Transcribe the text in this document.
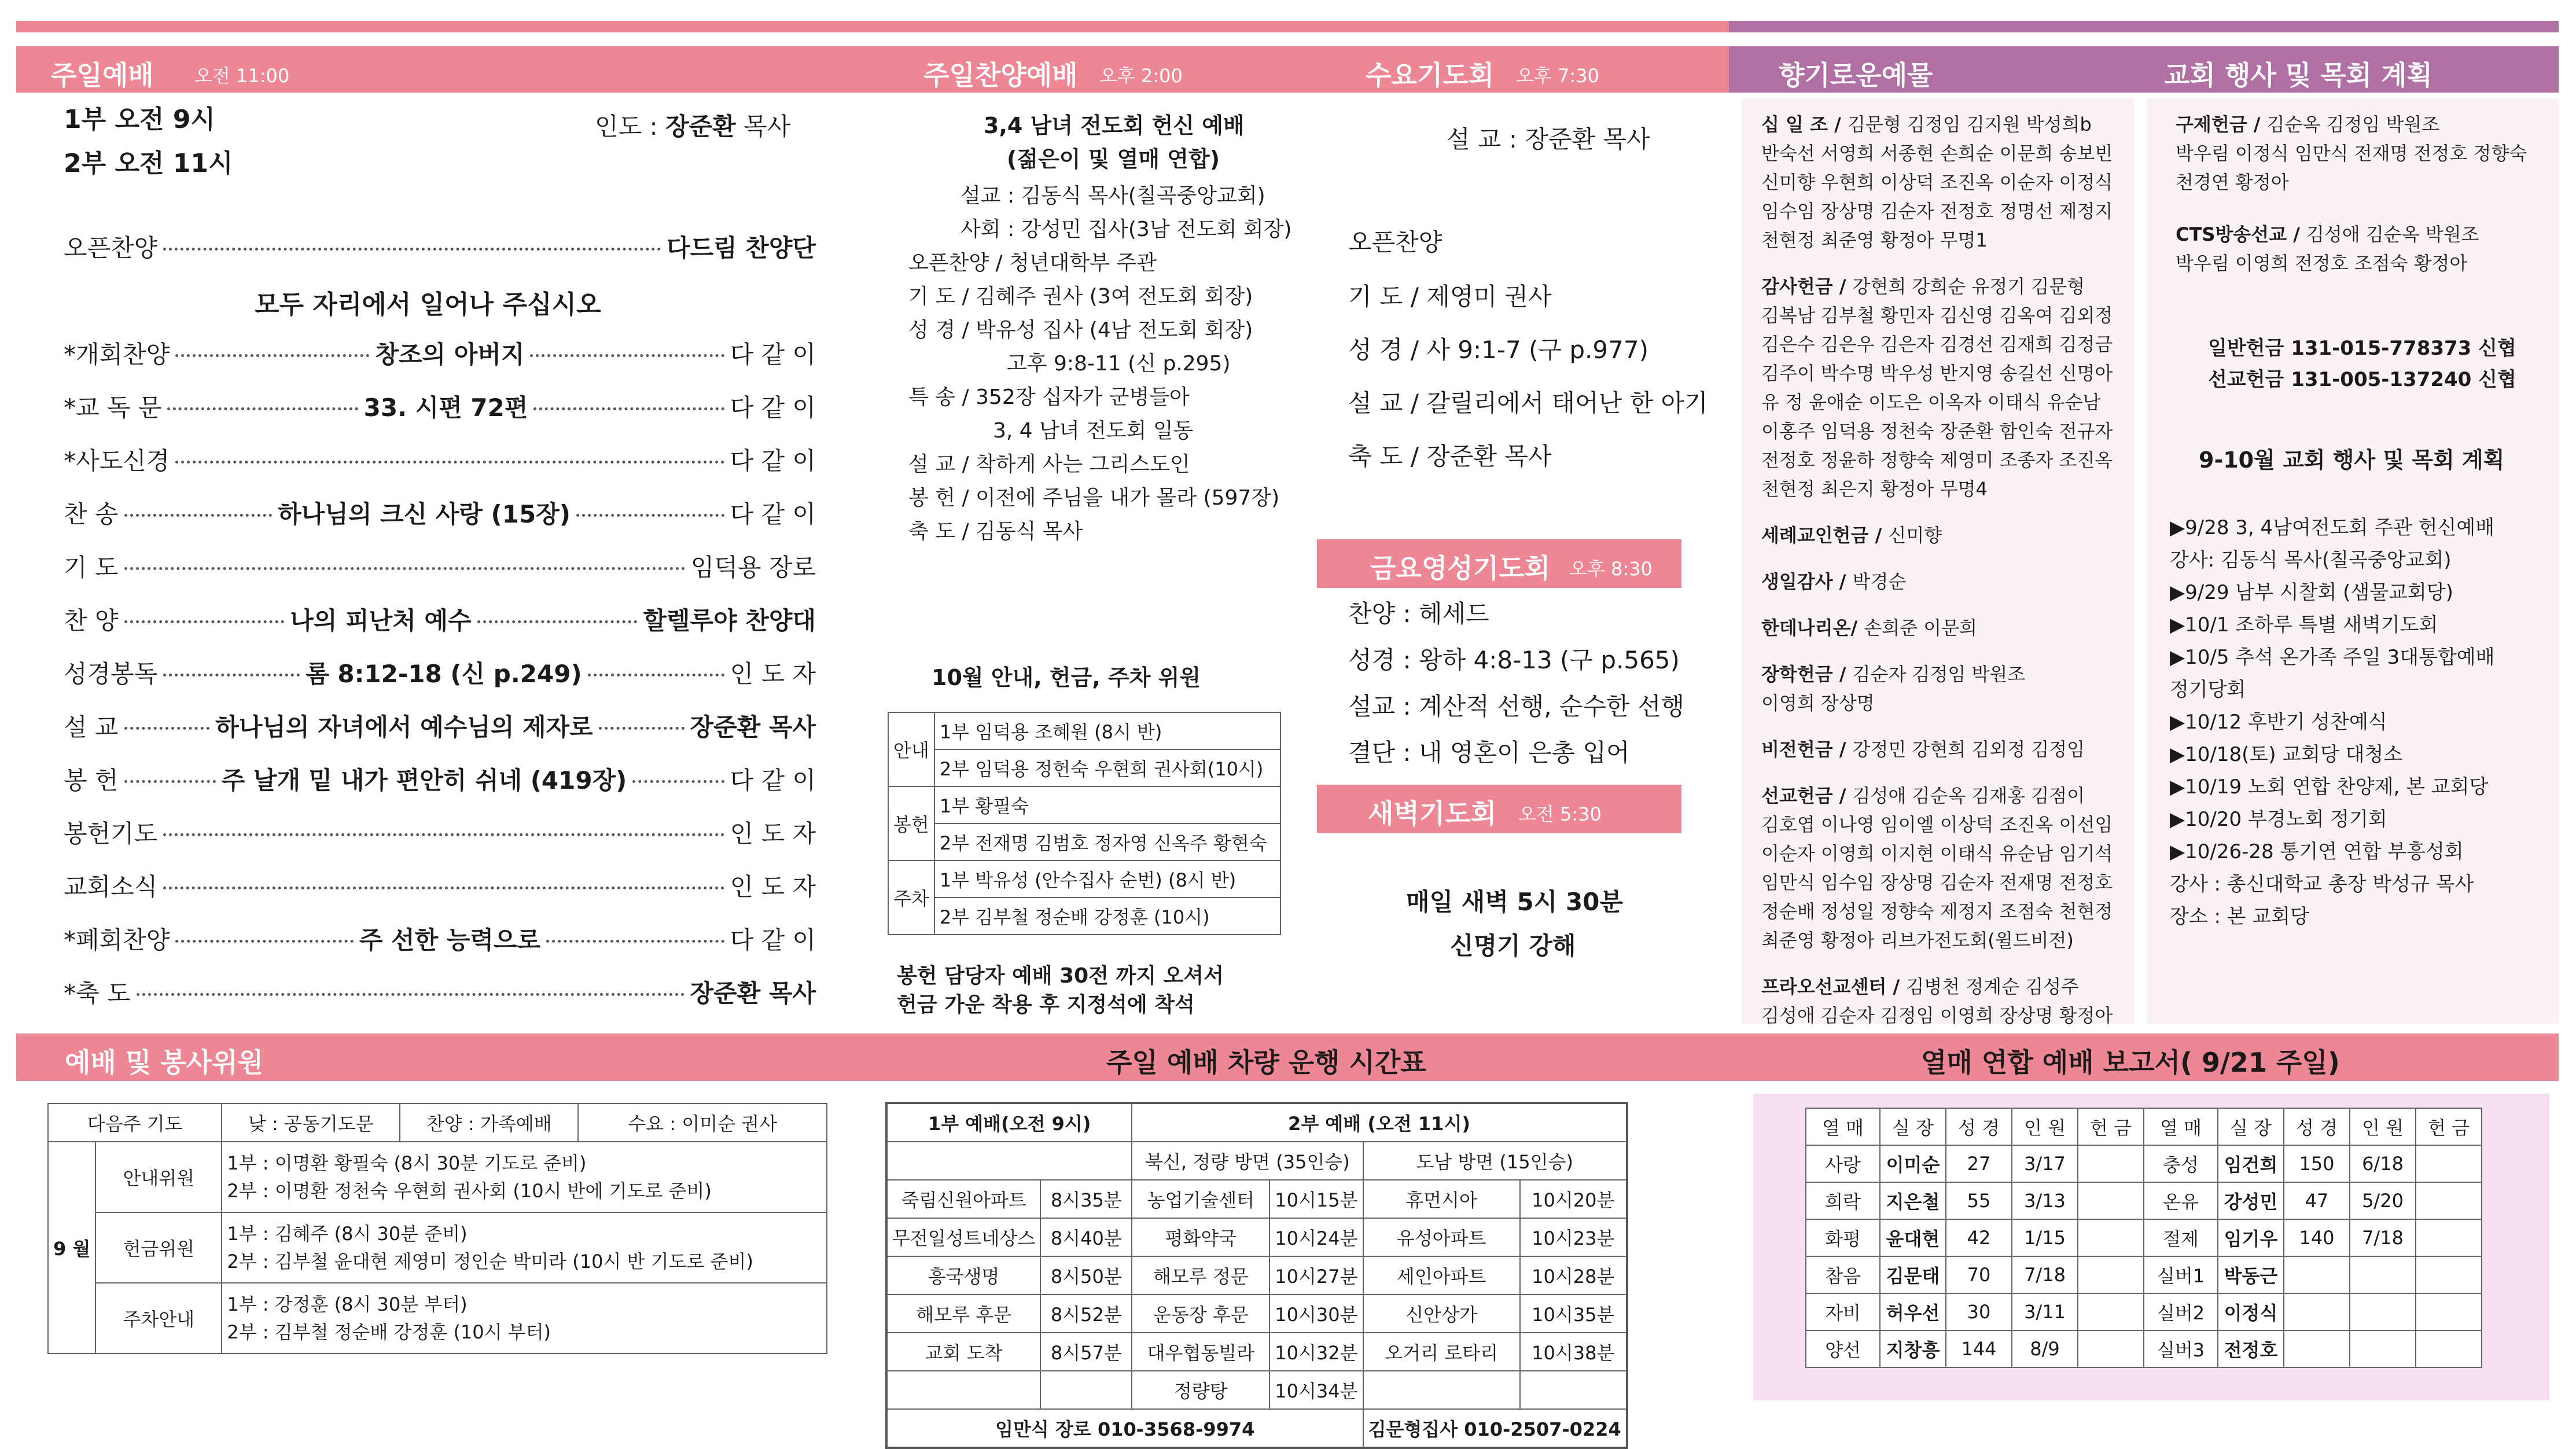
주일예배 오전 11:00	주일찬양예배 오후 2:00	수요기도회 오후 7:30	향기로운예물	교회 행사 및 목회 계획
1부 오전 9시
2부 오전 11시
인도 : 장준환 목사
오픈찬양	다드림 찬양단
모두 자리에서 일어나 주십시오
*개회찬양	창조의 아버지	다 같 이
*교 독 문	33. 시편 72편	다 같 이
*사도신경	다 같 이
찬 송	하나님의 크신 사랑 (15장)	다 같 이
기 도	임덕용 장로
찬 양	나의 피난처 예수	할렐루야 찬양대
성경봉독	롬 8:12-18 (신 p.249)	인 도 자
설 교	하나님의 자녀에서 예수님의 제자로	장준환 목사
봉 헌	주 날개 밑 내가 편안히 쉬네 (419장)	다 같 이
봉헌기도	인 도 자
교회소식	인 도 자
*폐회찬양	주 선한 능력으로	다 같 이
*축 도	장준환 목사
3,4 남녀 전도회 헌신 예배
(젊은이 및 열매 연합)
설교 : 김동식 목사(칠곡중앙교회)
사회 : 강성민 집사(3남 전도회 회장)
오픈찬양 / 청년대학부 주관
기 도 / 김혜주 권사 (3여 전도회 회장)
성 경 / 박유성 집사 (4남 전도회 회장)
고후 9:8-11 (신 p.295)
특 송 / 352장 십자가 군병들아
3, 4 남녀 전도회 일동
설 교 / 착하게 사는 그리스도인
봉 헌 / 이전에 주님을 내가 몰라 (597장)
축 도 / 김동식 목사
10월 안내, 헌금, 주차 위원
안내	1부 임덕용 조혜원 (8시 반)
	2부 임덕용 정헌숙 우현희 권사회(10시)
봉헌	1부 황필숙
	2부 전재명 김범호 정자영 신옥주 황현숙
주차	1부 박유성 (안수집사 순번) (8시 반)
	2부 김부철 정순배 강정훈 (10시)
봉헌 담당자 예배 30전 까지 오셔서
헌금 가운 착용 후 지정석에 착석
설 교 : 장준환 목사
오픈찬양
기 도 / 제영미 권사
성 경 / 사 9:1-7 (구 p.977)
설 교 / 갈릴리에서 태어난 한 아기
축 도 / 장준환 목사
금요영성기도회 오후 8:30
찬양 : 헤세드
성경 : 왕하 4:8-13 (구 p.565)
설교 : 계산적 선행, 순수한 선행
결단 : 내 영혼이 은총 입어
새벽기도회 오전 5:30
매일 새벽 5시 30분
신명기 강해
십 일 조 / 김문형 김정임 김지원 박성희b
반숙선 서영희 서종현 손희순 이문희 송보빈
신미향 우현희 이상덕 조진옥 이순자 이정식
임수임 장상명 김순자 전정호 정명선 제정지
천현정 최준영 황정아 무명1
감사헌금 / 강현희 강희순 유정기 김문형
김복남 김부철 황민자 김신영 김옥여 김외정
김은수 김은우 김은자 김경선 김재희 김정금
김주이 박수명 박우성 반지영 송길선 신명아
유 정 윤애순 이도은 이옥자 이태식 유순남
이홍주 임덕용 정천숙 장준환 함인숙 전규자
전정호 정윤하 정향숙 제영미 조종자 조진옥
천현정 최은지 황정아 무명4
세례교인헌금 / 신미향
생일감사 / 박경순
한데나리온/ 손희준 이문희
장학헌금 / 김순자 김정임 박원조
이영희 장상명
비전헌금 / 강정민 강현희 김외정 김정임
선교헌금 / 김성애 김순옥 김재홍 김점이
김호엽 이나영 임이엘 이상덕 조진옥 이선임
이순자 이영희 이지현 이태식 유순남 임기석
임만식 임수임 장상명 김순자 전재명 전정호
정순배 정성일 정향숙 제정지 조점숙 천현정
최준영 황정아 리브가전도회(윌드비전)
프라오선교센터 / 김병천 정계순 김성주
김성애 김순자 김정임 이영희 장상명 황정아
구제헌금 / 김순옥 김정임 박원조
박우림 이정식 임만식 전재명 전정호 정향숙
천경연 황정아
CTS방송선교 / 김성애 김순옥 박원조
박우림 이영희 전정호 조점숙 황정아
일반헌금 131-015-778373 신협
선교헌금 131-005-137240 신협
9-10월 교회 행사 및 목회 계획
▶9/28 3, 4남여전도회 주관 헌신예배
강사: 김동식 목사(칠곡중앙교회)
▶9/29 남부 시찰회 (샘물교회당)
▶10/1 조하루 특별 새벽기도회
▶10/5 추석 온가족 주일 3대통합예배
정기당회
▶10/12 후반기 성찬예식
▶10/18(토) 교회당 대청소
▶10/19 노회 연합 찬양제, 본 교회당
▶10/20 부경노회 정기회
▶10/26-28 통기연 연합 부흥성회
강사 : 총신대학교 총장 박성규 목사
장소 : 본 교회당
예배 및 봉사위원	주일 예배 차량 운행 시간표	열매 연합 예배 보고서( 9/21 주일)
다음주 기도		낮 : 공동기도문	찬양 : 가족예배	수요 : 이미순 권사

9 월	안내위원	
1부 : 이명환 황필숙 (8시 30분 기도로 준비)
2부 : 이명환 정천숙 우현희 권사회 (10시 반에 기도로 준비)

헌금위원	
1부 : 김혜주 (8시 30분 준비)
2부 : 김부철 윤대현 제영미 정인순 박미라 (10시 반 기도로 준비)

주차안내	
1부 : 강정훈 (8시 30분 부터)
2부 : 김부철 정순배 강정훈 (10시 부터)
1부 예배(오전 9시)		2부 예배 (오전 11시)			
		북신, 정량 방면 (35인승)		도남 방면 (15인승)	
죽림신원아파트	8시35분	농업기술센터	10시15분	휴먼시아	10시20분
무전일성트네상스	8시40분	평화약국	10시24분	유성아파트	10시23분
흥국생명	8시50분	해모루 정문	10시27분	세인아파트	10시28분
해모루 후문	8시52분	운동장 후문	10시30분	신안상가	10시35분
교회 도착	8시57분	대우협동빌라	10시32분	오거리 로타리	10시38분
		정량탕	10시34분		
임만식 장로 010-3568-9974				김문형집사 010-2507-0224	
열 매	실 장	성 경	인 원	헌 금	열 매	실 장	성 경	인 원	헌 금
사랑	이미순	27	3/17		충성	임건희	150	6/18	
희락	지은철	55	3/13		온유	강성민	47	5/20	
화평	윤대현	42	1/15		절제	임기우	140	7/18	
참음	김문태	70	7/18		실버1	박동근			
자비	허우선	30	3/11		실버2	이정식			
양선	지창흥	144	8/9		실버3	전정호			
